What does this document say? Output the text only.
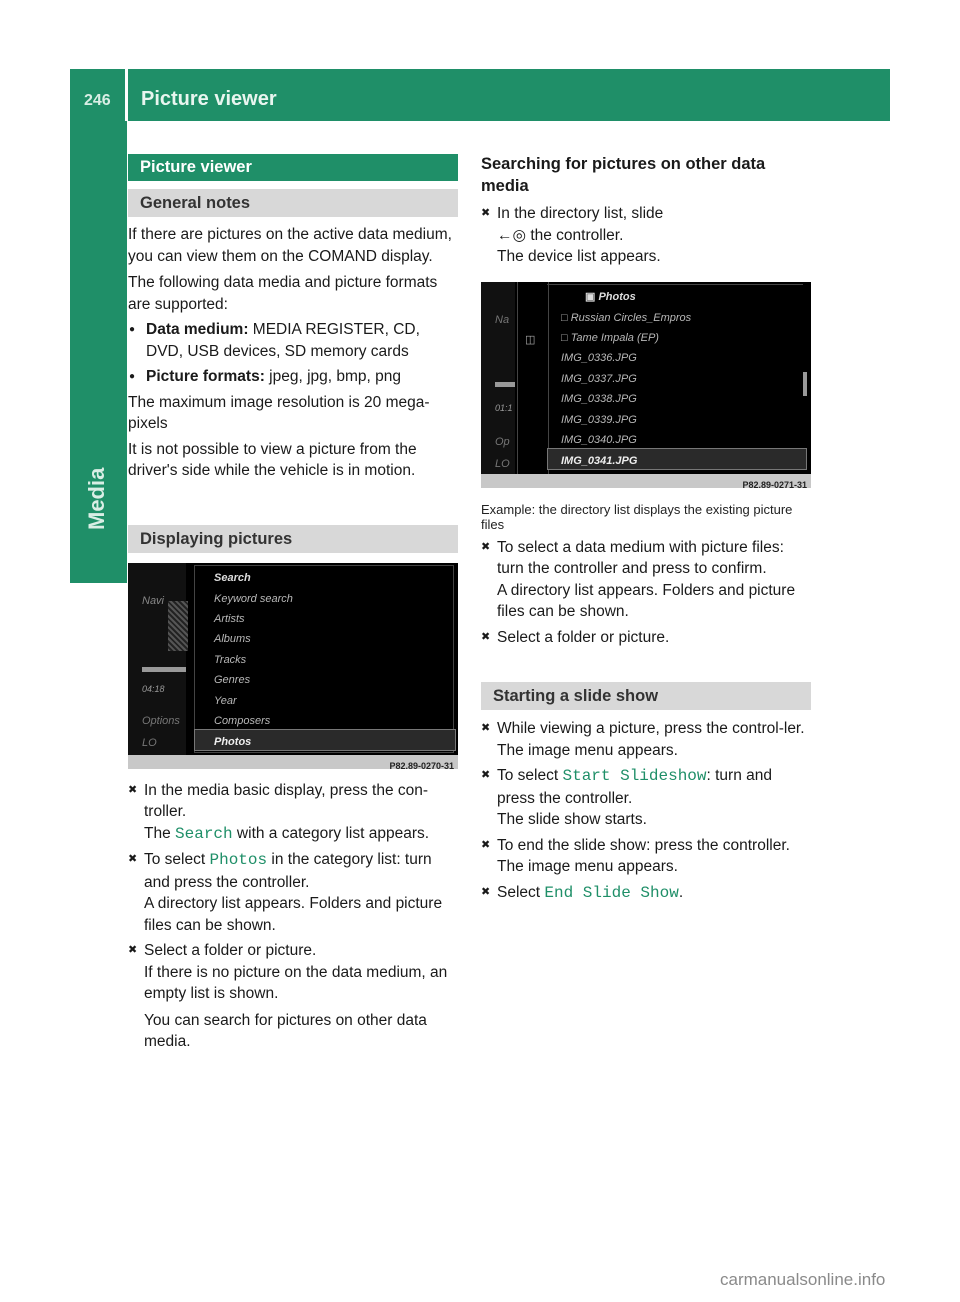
246 Picture viewer
Media
Picture viewer
General notes

If there are pictures on the active data medium, you can view them on the COMAND display.

The following data media and picture formats are supported:

● Data medium: MEDIA REGISTER, CD, DVD, USB devices, SD memory cards

● Picture formats: jpeg, jpg, bmp, png

The maximum image resolution is 20 mega-pixels

It is not possible to view a picture from the driver's side while the vehicle is in motion.

Displaying pictures
Navi
04:18
Options
LO
Search
Keyword search
Artists
Albums
Tracks
Genres
Year
Composers
Photos
P82.89-0270-31

✖ In the media basic display, press the con-troller.

The Search with a category list appears.

✖ To select Photos in the category list: turn and press the controller.

A directory list appears. Folders and picture files can be shown.

✖ Select a folder or picture.

If there is no picture on the data medium, an empty list is shown.

You can search for pictures on other data media.

Searching for pictures on other data media

✖ In the directory list, slide

←◎ the controller.

The device list appears.

Na
01:1
Op
LO
◫
▣ Photos
□ Russian Circles_Empros
□ Tame Impala (EP)
IMG_0336.JPG
IMG_0337.JPG
IMG_0338.JPG
IMG_0339.JPG
IMG_0340.JPG
IMG_0341.JPG
P82.89-0271-31

Example: the directory list displays the existing picture files

✖ To select a data medium with picture files: turn the controller and press to confirm.

A directory list appears. Folders and picture files can be shown.

✖ Select a folder or picture.

Starting a slide show

✖ While viewing a picture, press the control-ler.

The image menu appears.

✖ To select Start Slideshow: turn and press the controller.

The slide show starts.

✖ To end the slide show: press the controller.

The image menu appears.

✖ Select End Slide Show.

carmanualsonline.info
